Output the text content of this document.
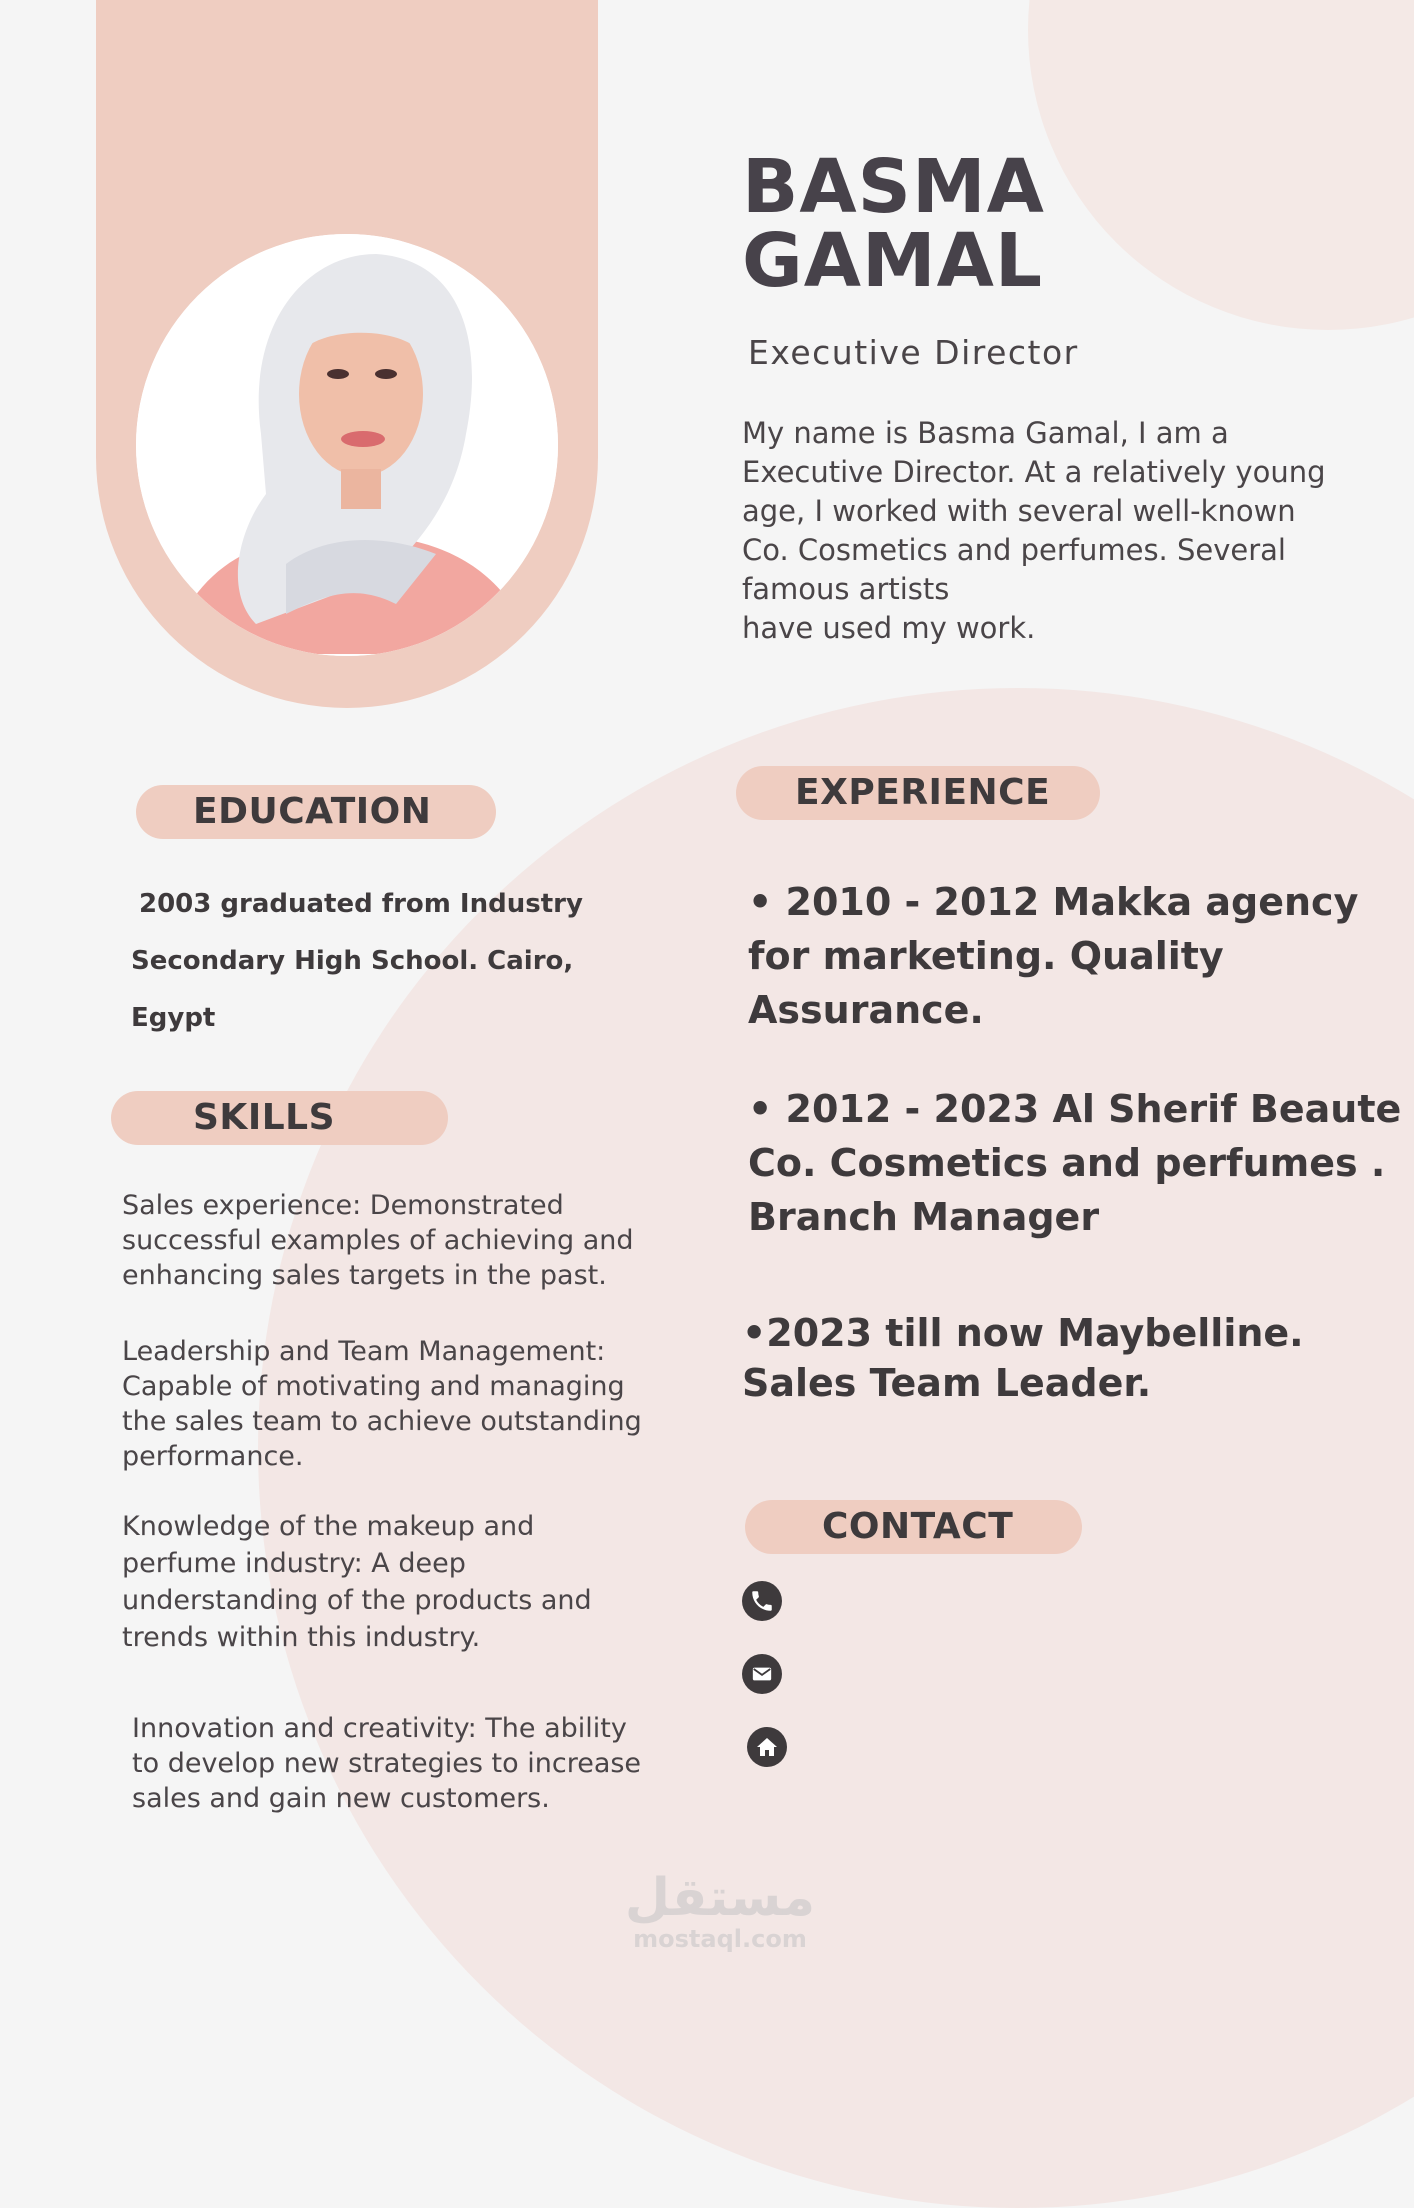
BASMA
GAMAL
Executive Director
My name is Basma Gamal, I am a
Executive Director. At a relatively young
age, I worked with several well-known
Co. Cosmetics and perfumes. Several
famous artists
have used my work.
EDUCATION
2003 graduated from Industry
Secondary High School. Cairo,
Egypt
SKILLS
Sales experience: Demonstrated
successful examples of achieving and
enhancing sales targets in the past.
Leadership and Team Management:
Capable of motivating and managing
the sales team to achieve outstanding
performance.
Knowledge of the makeup and
perfume industry: A deep
understanding of the products and
trends within this industry.
Innovation and creativity: The ability
to develop new strategies to increase
sales and gain new customers.
EXPERIENCE
• 2010 - 2012 Makka agency
for marketing. Quality
Assurance.
• 2012 - 2023 Al Sherif Beaute
Co. Cosmetics and perfumes .
Branch Manager
•2023 till now Maybelline.
Sales Team Leader.
CONTACT
مستقل
mostaql.com
